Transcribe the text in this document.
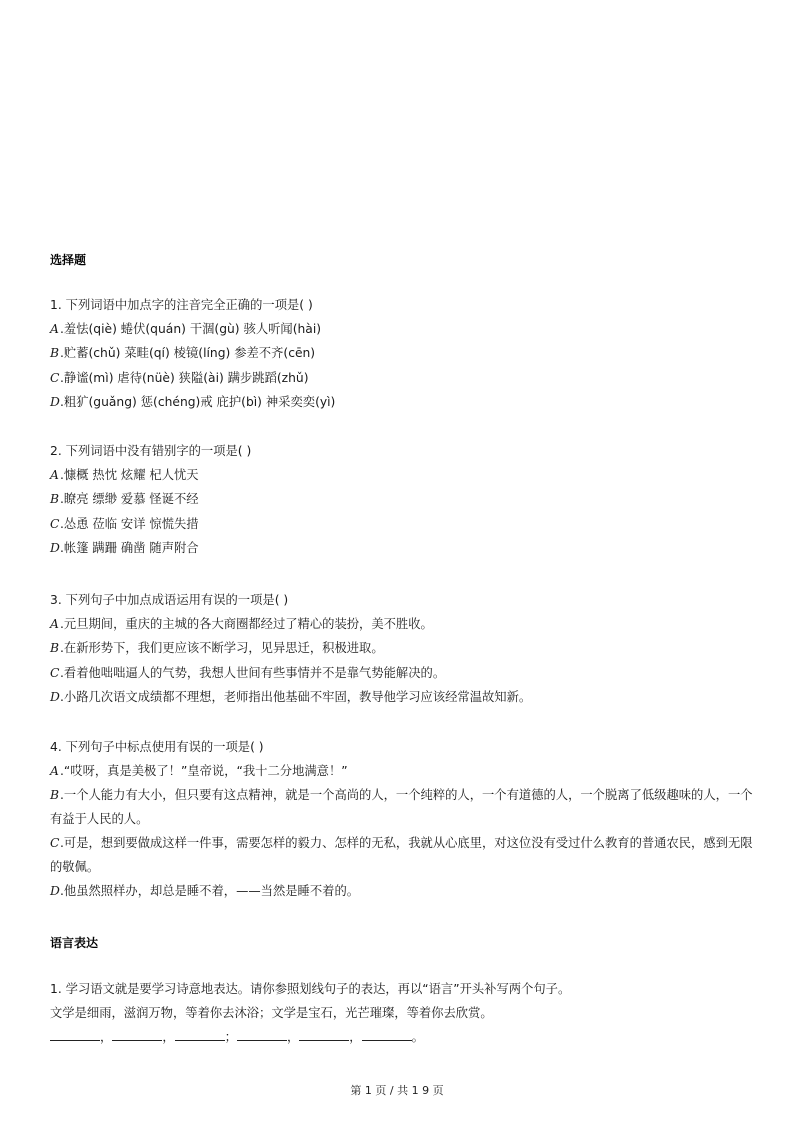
选择题
1. 下列词语中加点字的注音完全正确的一项是( )
A.羞怯(qiè) 蜷伏(quán) 干涸(gù) 骇人听闻(hài)
B.贮蓄(chǔ) 菜畦(qí) 棱镜(líng) 参差不齐(cēn)
C.静谧(mì) 虐待(nüè) 狭隘(ài) 蹒步跳蹈(zhǔ)
D.粗犷(guǎng) 惩(chéng)戒 庇护(bì) 神采奕奕(yì)
2. 下列词语中没有错别字的一项是( )
A.慷概 热忱 炫耀 杞人忧天
B.瞭亮 缥缈 爱慕 怪诞不经
C.怂恿 莅临 安详 惊慌失措
D.帐篷 蹒跚 确凿 随声附合
3. 下列句子中加点成语运用有误的一项是( )
A.元旦期间，重庆的主城的各大商圈都经过了精心的装扮，美不胜收。
B.在新形势下，我们更应该不断学习，见异思迁，积极进取。
C.看着他咄咄逼人的气势，我想人世间有些事情并不是靠气势能解决的。
D.小路几次语文成绩都不理想，老师指出他基础不牢固，教导他学习应该经常温故知新。
4. 下列句子中标点使用有误的一项是( )
A.“哎呀，真是美极了！”皇帝说，“我十二分地满意！”
B.一个人能力有大小，但只要有这点精神，就是一个高尚的人，一个纯粹的人，一个有道德的人，一个脱离了低级趣味的人，一个有益于人民的人。
C.可是，想到要做成这样一件事，需要怎样的毅力、怎样的无私，我就从心底里，对这位没有受过什么教育的普通农民，感到无限的敬佩。
D.他虽然照样办，却总是睡不着，——当然是睡不着的。
语言表达
1. 学习语文就是要学习诗意地表达。请你参照划线句子的表达，再以“语言”开头补写两个句子。
文学是细雨，滋润万物，等着你去沐浴；文学是宝石，光芒璀璨，等着你去欣赏。
，	，	；	，	，	。
第 1 页 / 共 1 9 页
